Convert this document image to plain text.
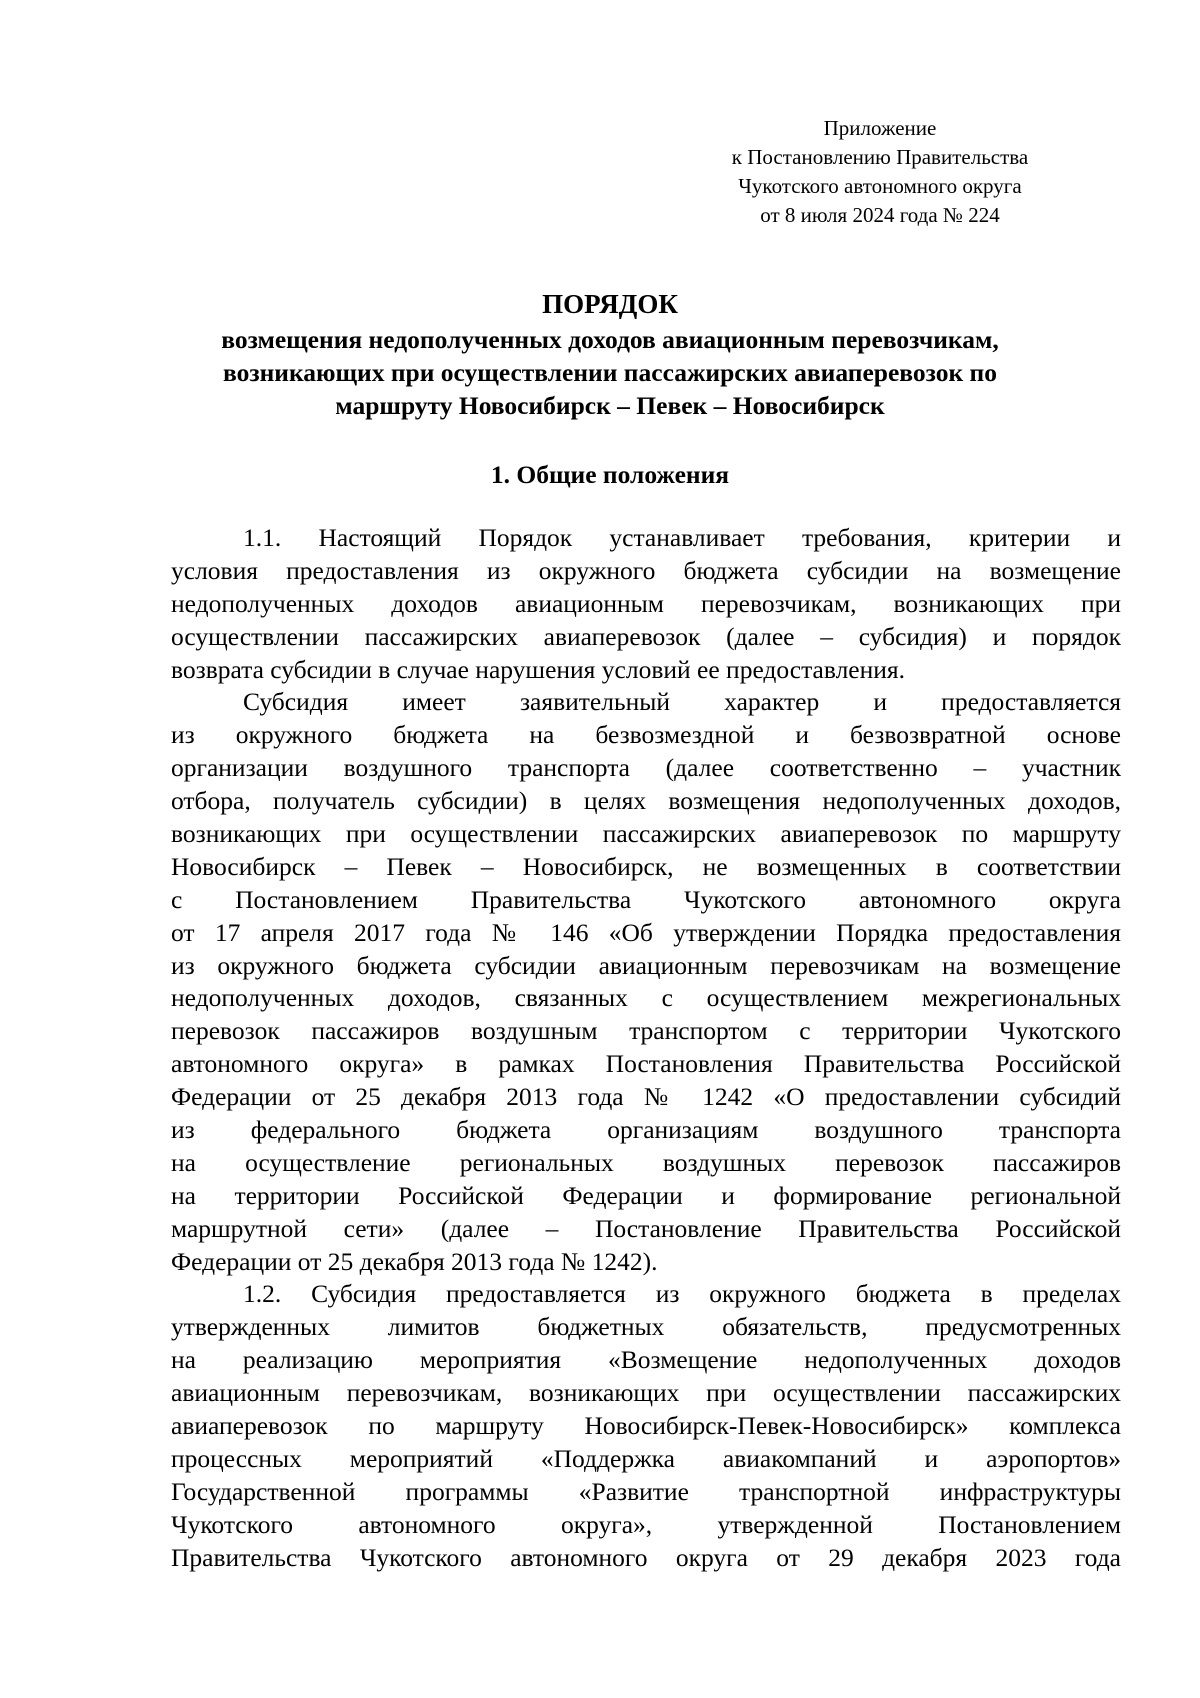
Приложение
к Постановлению Правительства
Чукотского автономного округа
от 8 июля 2024 года № 224
ПОРЯДОК
возмещения недополученных доходов авиационным перевозчикам,
возникающих при осуществлении пассажирских авиаперевозок по
маршруту Новосибирск – Певек – Новосибирск
1. Общие положения
1.1. Настоящий Порядок устанавливает требования, критерии и
условия предоставления из окружного бюджета субсидии на возмещение
недополученных доходов авиационным перевозчикам, возникающих при
осуществлении пассажирских авиаперевозок (далее – субсидия) и порядок
возврата субсидии в случае нарушения условий ее предоставления.
Субсидия имеет заявительный характер и предоставляется
из окружного бюджета на безвозмездной и безвозвратной основе
организации воздушного транспорта (далее соответственно – участник
отбора, получатель субсидии) в целях возмещения недополученных доходов,
возникающих при осуществлении пассажирских авиаперевозок по маршруту
Новосибирск – Певек – Новосибирск, не возмещенных в соответствии
с Постановлением Правительства Чукотского автономного округа
от 17 апреля 2017 года № 146 «Об утверждении Порядка предоставления
из окружного бюджета субсидии авиационным перевозчикам на возмещение
недополученных доходов, связанных с осуществлением межрегиональных
перевозок пассажиров воздушным транспортом с территории Чукотского
автономного округа» в рамках Постановления Правительства Российской
Федерации от 25 декабря 2013 года № 1242 «О предоставлении субсидий
из федерального бюджета организациям воздушного транспорта
на осуществление региональных воздушных перевозок пассажиров
на территории Российской Федерации и формирование региональной
маршрутной сети» (далее – Постановление Правительства Российской
Федерации от 25 декабря 2013 года № 1242).
1.2. Субсидия предоставляется из окружного бюджета в пределах
утвержденных лимитов бюджетных обязательств, предусмотренных
на реализацию мероприятия «Возмещение недополученных доходов
авиационным перевозчикам, возникающих при осуществлении пассажирских
авиаперевозок по маршруту Новосибирск-Певек-Новосибирск» комплекса
процессных мероприятий «Поддержка авиакомпаний и аэропортов»
Государственной программы «Развитие транспортной инфраструктуры
Чукотского автономного округа», утвержденной Постановлением
Правительства Чукотского автономного округа от 29 декабря 2023 года
